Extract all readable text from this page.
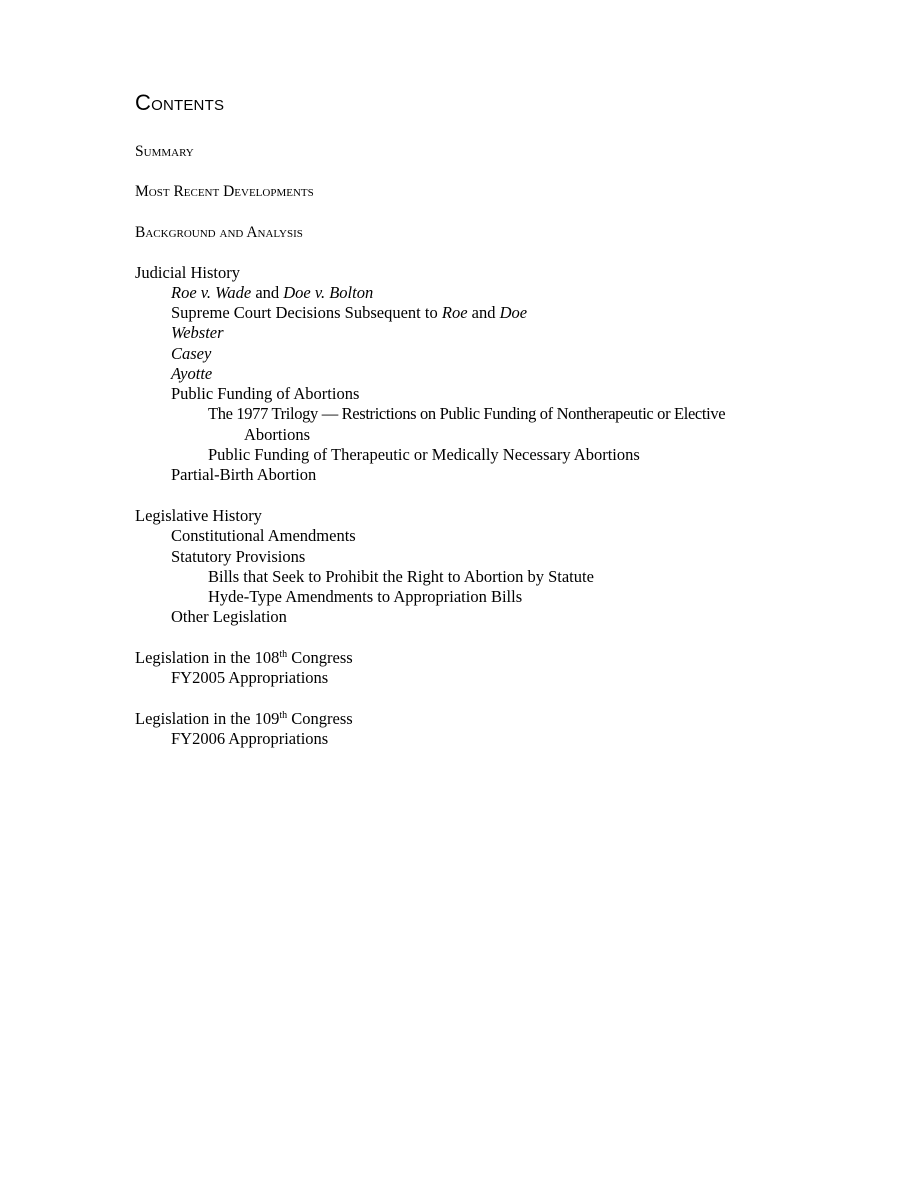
Contents
Summary
Most Recent Developments
Background and Analysis
Judicial History
Roe v. Wade and Doe v. Bolton
Supreme Court Decisions Subsequent to Roe and Doe
Webster
Casey
Ayotte
Public Funding of Abortions
The 1977 Trilogy — Restrictions on Public Funding of Nontherapeutic or Elective
Abortions
Public Funding of Therapeutic or Medically Necessary Abortions
Partial-Birth Abortion
Legislative History
Constitutional Amendments
Statutory Provisions
Bills that Seek to Prohibit the Right to Abortion by Statute
Hyde-Type Amendments to Appropriation Bills
Other Legislation
Legislation in the 108th Congress
FY2005 Appropriations
Legislation in the 109th Congress
FY2006 Appropriations
